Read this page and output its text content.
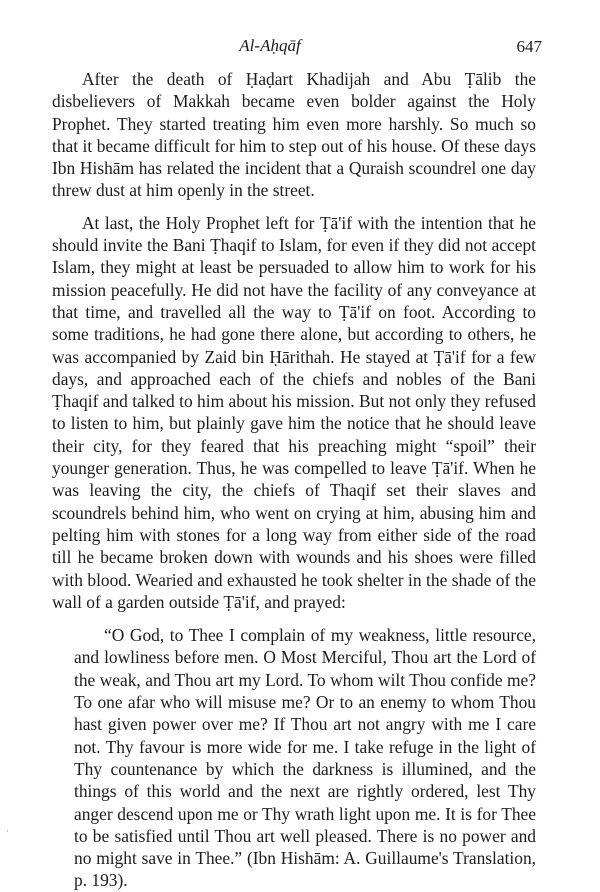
Al-Aḥqāf	647

After the death of Ḥaḍart Khadijah and Abu Ṭālib the disbelievers of Makkah became even bolder against the Holy Prophet. They started treating him even more harshly. So much so that it became difficult for him to step out of his house. Of these days Ibn Hishām has related the incident that a Quraish scoundrel one day threw dust at him openly in the street.

At last, the Holy Prophet left for Ṭā'if with the intention that he should invite the Bani Ṭhaqif to Islam, for even if they did not accept Islam, they might at least be persuaded to allow him to work for his mission peacefully. He did not have the facility of any conveyance at that time, and travelled all the way to Ṭā'if on foot. According to some traditions, he had gone there alone, but according to others, he was accompanied by Zaid bin Ḥārithah. He stayed at Ṭā'if for a few days, and approached each of the chiefs and nobles of the Bani Ṭhaqif and talked to him about his mission. But not only they refused to listen to him, but plainly gave him the notice that he should leave their city, for they feared that his preaching might “spoil” their younger generation. Thus, he was compelled to leave Ṭā'if. When he was leaving the city, the chiefs of Thaqif set their slaves and scoundrels behind him, who went on crying at him, abusing him and pelting him with stones for a long way from either side of the road till he became broken down with wounds and his shoes were filled with blood. Wearied and exhausted he took shelter in the shade of the wall of a garden outside Ṭā'if, and prayed:

“O God, to Thee I complain of my weakness, little resource, and lowliness before men. O Most Merciful, Thou art the Lord of the weak, and Thou art my Lord. To whom wilt Thou confide me? To one afar who will misuse me? Or to an enemy to whom Thou hast given power over me? If Thou art not angry with me I care not. Thy favour is more wide for me. I take refuge in the light of Thy countenance by which the darkness is illumined, and the things of this world and the next are rightly ordered, lest Thy anger descend upon me or Thy wrath light upon me. It is for Thee to be satisfied until Thou art well pleased. There is no power and no might save in Thee.” (Ibn Hishām: A. Guillaume's Translation, p. 193).

·
